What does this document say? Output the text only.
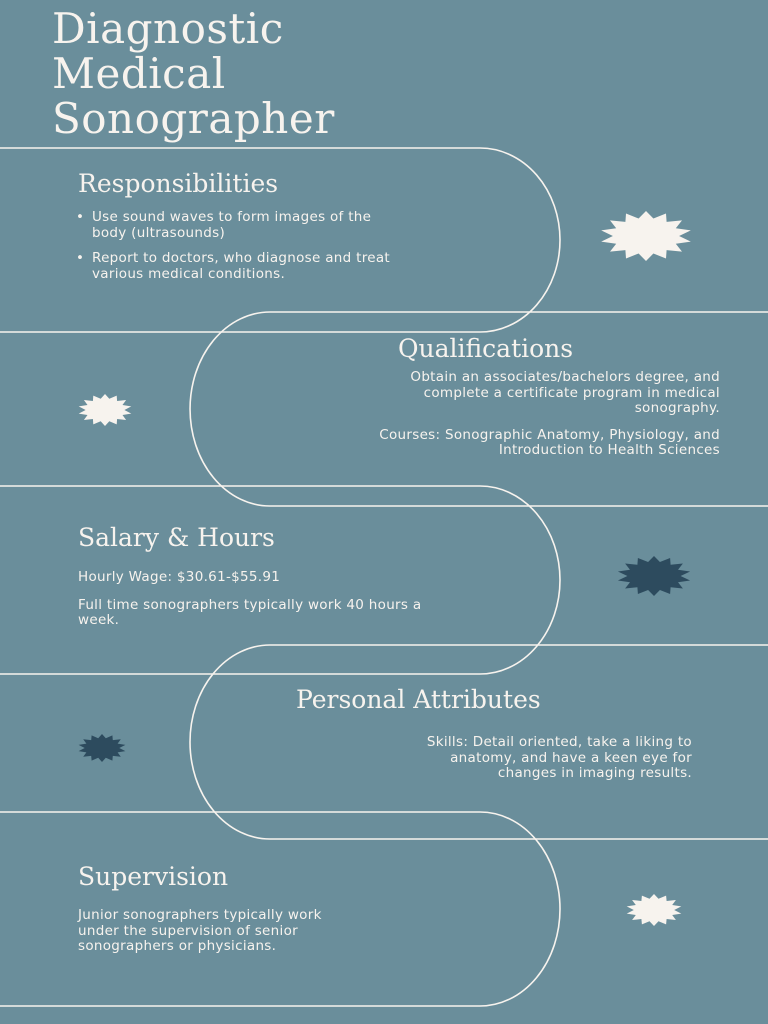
Diagnostic
Medical
Sonographer
Responsibilities
• Use sound waves to form images of the body (ultrasounds)
• Report to doctors, who diagnose and treat various medical conditions.
Qualifications

Obtain an associates/bachelors degree, and complete a certificate program in medical sonography.

Courses: Sonographic Anatomy, Physiology, and Introduction to Health Sciences

Salary & Hours

Hourly Wage: $30.61-$55.91

Full time sonographers typically work 40 hours a week.

Personal Attributes

Skills: Detail oriented, take a liking to anatomy, and have a keen eye for changes in imaging results.

Supervision

Junior sonographers typically work under the supervision of senior sonographers or physicians.
